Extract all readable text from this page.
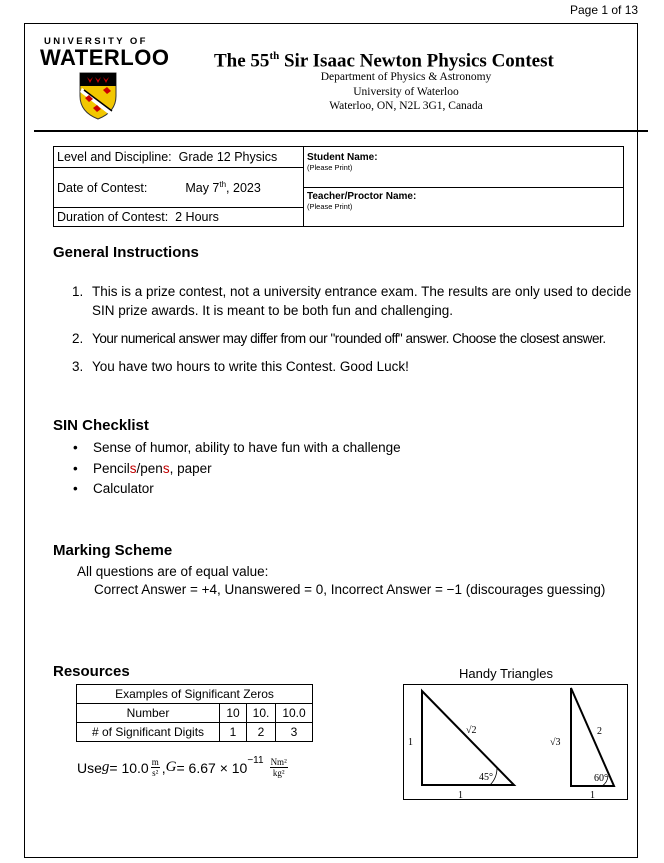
Page 1 of 13
UNIVERSITY OF
WATERLOO The 55th Sir Isaac Newton Physics Contest
Department of Physics & Astronomy
University of Waterloo
Waterloo, ON, N2L 3G1, Canada
Level and Discipline: Grade 12 Physics	Student Name:
(Please Print)

Date of Contest:	May 7th, 2023

Teacher/Proctor Name:
(Please Print)

Duration of Contest: 2 Hours
General Instructions
1. This is a prize contest, not a university entrance exam. The results are only used to decide SIN prize awards. It is meant to be both fun and challenging.
2. Your numerical answer may differ from our "rounded off" answer. Choose the closest answer.
3. You have two hours to write this Contest. Good Luck!
SIN Checklist
•	Sense of humor, ability to have fun with a challenge
•	Pencils/pens, paper
•	Calculator
Marking Scheme
All questions are of equal value:
Correct Answer = +4, Unanswered = 0, Incorrect Answer = −1 (discourages guessing)
Resources
Examples of Significant Zeros			
Number	10	10.	10.0
# of Significant Digits	1	2	3
Use $g = 10.0 \frac{m}{\text{s²}}$ , $G = 6.67 \times 10^{-11} \frac{\text{Nm²}}{\text{kg²}}$
Handy Triangles
1
√2
45°
1
√3
2
60°
1
